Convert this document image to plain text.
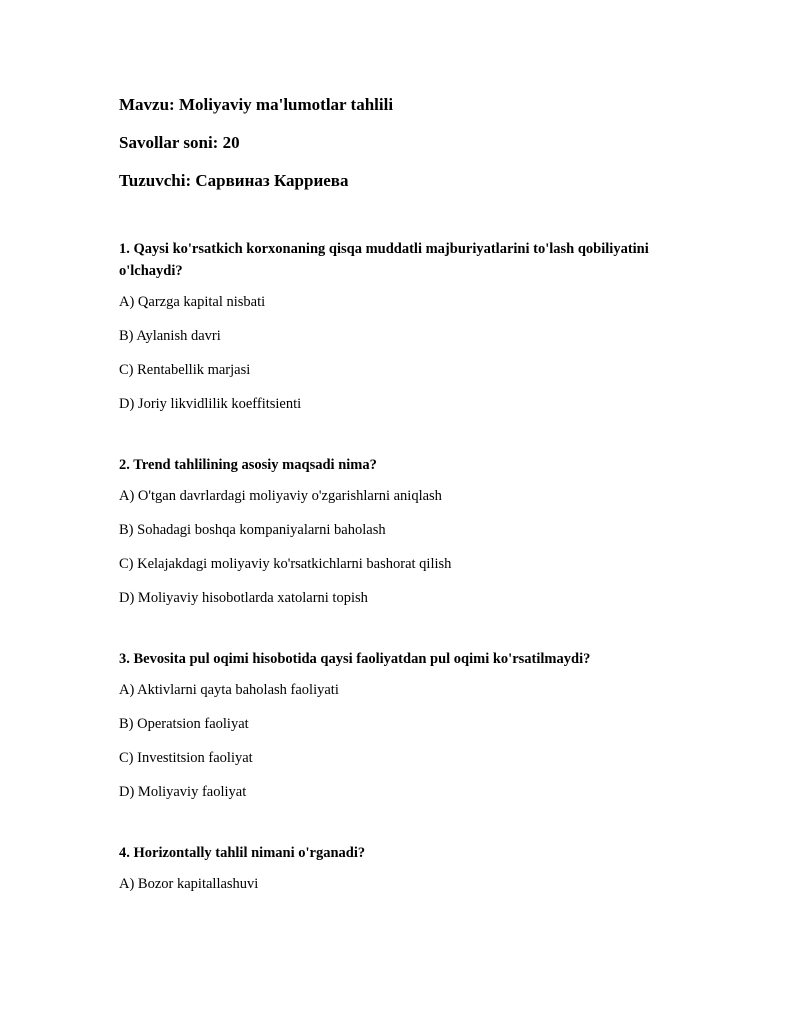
Mavzu: Moliyaviy ma'lumotlar tahlili
Savollar soni: 20
Tuzuvchi: Сарвиназ Карриева
1. Qaysi ko'rsatkich korxonaning qisqa muddatli majburiyatlarini to'lash qobiliyatini o'lchaydi?
A) Qarzga kapital nisbati
B) Aylanish davri
C) Rentabellik marjasi
D) Joriy likvidlilik koeffitsienti
2. Trend tahlilining asosiy maqsadi nima?
A) O'tgan davrlardagi moliyaviy o'zgarishlarni aniqlash
B) Sohadagi boshqa kompaniyalarni baholash
C) Kelajakdagi moliyaviy ko'rsatkichlarni bashorat qilish
D) Moliyaviy hisobotlarda xatolarni topish
3. Bevosita pul oqimi hisobotida qaysi faoliyatdan pul oqimi ko'rsatilmaydi?
A) Aktivlarni qayta baholash faoliyati
B) Operatsion faoliyat
C) Investitsion faoliyat
D) Moliyaviy faoliyat
4. Horizontally tahlil nimani o'rganadi?
A) Bozor kapitallashuvi
